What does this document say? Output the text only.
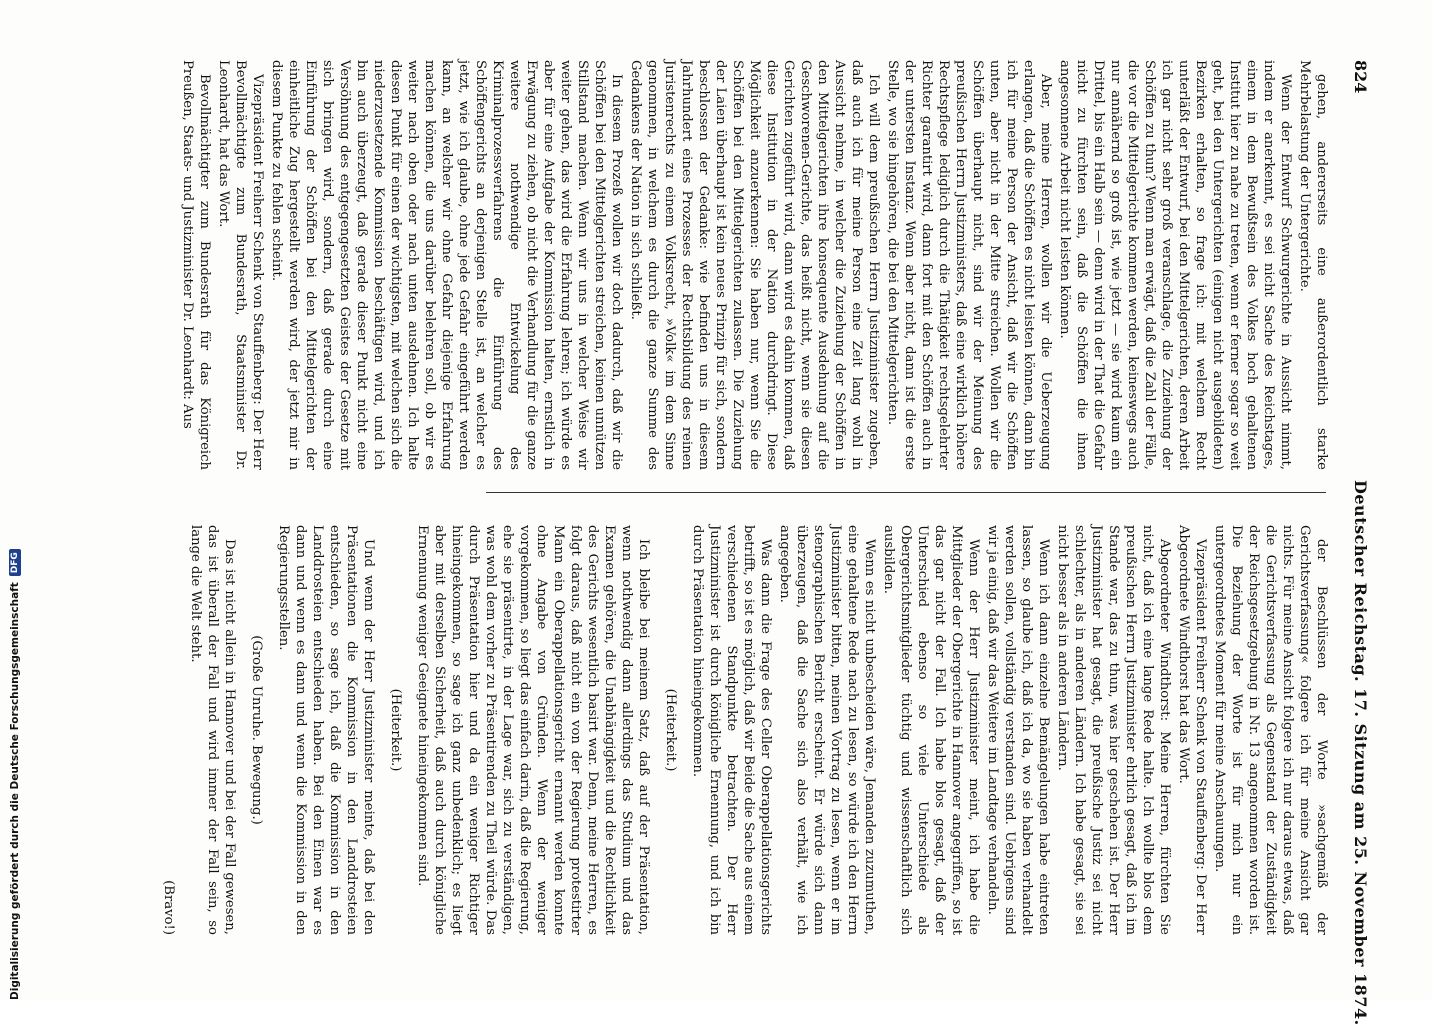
824
Deutscher Reichstag. 17. Sitzung am 25. November 1874.

gehen, andererseits eine außerordentlich starke Mehrbelastung der Untergerichte.

Wenn der Entwurf Schwurgerichte in Aussicht nimmt, indem er anerkennt, es sei nicht Sache des Reichstages, einem in dem Bewußtsein des Volkes hoch gehaltenen Institut hier zu nahe zu treten, wenn er ferner sogar so weit geht, bei den Untergerichten (einigen nicht ausgebildeten) Bezirken erhalten, so frage ich: mit welchem Recht unterläßt der Entwurf, bei den Mittelgerichten, deren Arbeit ich gar nicht sehr groß veranschlage, die Zuziehung der Schöffen zu thun? Wenn man erwägt, daß die Zahl der Fälle, die vor die Mittelgerichte kommen werden, keineswegs auch nur annähernd so groß ist, wie jetzt — sie wird kaum ein Drittel, bis ein Halb sein — denn wird in der That die Gefahr nicht zu fürchten sein, daß die Schöffen die ihnen angesonnene Arbeit nicht leisten können.

Aber, meine Herren, wollen wir die Ueberzeugung erlangen, daß die Schöffen es nicht leisten können, dann bin ich für meine Person der Ansicht, daß wir die Schöffen unten, aber nicht in der Mitte streichen. Wollen wir die Schöffen überhaupt nicht, sind wir der Meinung des preußischen Herrn Justizministers, daß eine wirklich höhere Rechtspflege lediglich durch die Thätigkeit rechtsgelehrter Richter garantirt wird, dann fort mit den Schöffen auch in der untersten Instanz. Wenn aber nicht, dann ist die erste Stelle, wo sie hingehören, die bei den Mittelgerichten.

Ich will dem preußischen Herrn Justizminister zugeben, daß auch ich für meine Person eine Zeit lang wohl in Aussicht nehme, in welcher die Zuziehung der Schöffen in den Mittelgerichten ihre konsequente Ausdehnung auf die Geschworenen-Gerichte, das heißt nicht, wenn sie diesen Gerichten zugeführt wird, dann wird es dahin kommen, daß diese Institution in der Nation durchdringt. Diese Möglichkeit anzuerkennen: Sie haben nur, wenn Sie die Schöffen bei den Mittelgerichten zulassen. Die Zuziehung der Laien überhaupt ist kein neues Prinzip für sich, sondern beschlossen der Gedanke: wie befinden uns in diesem Jahrhundert eines Prozesses der Rechtsbildung des reinen Juristenrechts zu einem Volksrecht, »Volk« im dem Sinne genommen, in welchem es durch die ganze Summe des Gedankens der Nation in sich schließt.

In diesem Prozeß wollen wir doch dadurch, daß wir die Schöffen bei den Mittelgerichten streichen, keinen unnützen Stillstand machen. Wenn wir uns in welcher Weise wir weiter gehen, das wird die Erfahrung lehren; ich würde es aber für eine Aufgabe der Kommission halten, ernstlich in Erwägung zu ziehen, ob nicht die Verhandlung für die ganze weitere nothwendige Entwickelung des Kriminalprozessverfahrens die Einführung des Schöffengerichts an derjenigen Stelle ist, an welcher es jetzt, wie ich glaube, ohne jede Gefahr eingeführt werden kann, an welcher wir ohne Gefahr diejenige Erfahrung machen können, die uns darüber belehren soll, ob wir es weiter nach oben oder nach unten ausdehnen. Ich halte diesen Punkt für einen der wichtigsten, mit welchen sich die niederzusetzende Kommission beschäftigen wird, und ich bin auch überzeugt, daß gerade dieser Punkt nicht eine Versöhnung des entgegengesetzten Geistes der Gesetze mit sich bringen wird, sondern, daß gerade durch eine Einführung der Schöffen bei den Mittelgerichten der einheitliche Zug hergestellt werden wird, der jetzt mir in diesem Punkte zu fehlen scheint.

Vizepräsident Freiherr Schenk von Stauffenberg: Der Herr Bevollmächtigte zum Bundesrath, Staatsminister Dr. Leonhardt, hat das Wort.

Bevollmächtigter zum Bundesrath für das Königreich Preußen, Staats- und Justizminister Dr. Leonhardt: Aus

der Beschlüssen der Worte »sachgemäß der Gerichtsverfassung« folgere ich für meine Ansicht gar nichts. Für meine Ansicht folgere ich nur daraus etwas, daß die Gerichtsverfassung als Gegenstand der Zuständigkeit der Reichsgesetzgebung in Nr. 13 angenommen worden ist. Die Beziehung der Worte ist für mich nur ein untergeordnetes Moment für meine Anschauungen.

Vizepräsident Freiherr Schenk von Stauffenberg: Der Herr Abgeordnete Windthorst hat das Wort.

Abgeordneter Windthorst: Meine Herren, fürchten Sie nicht, daß ich eine lange Rede halte. Ich wollte blos dem preußischen Herrn Justizminister ehrlich gesagt, daß ich im Stande war, das zu thun, was hier geschehen ist. Der Herr Justizminister hat gesagt, die preußische Justiz sei nicht schlechter, als in anderen Ländern. Ich habe gesagt, sie sei nicht besser als in anderen Ländern.

Wenn ich dann einzelne Bemängelungen habe eintreten lassen, so glaube ich, daß ich da, wo sie haben verhandelt werden sollen, vollständig verstanden sind. Uebrigens sind wir ja einig, daß wir das Weitere im Landtage verhandeln.

Wenn der Herr Justizminister meint, ich habe die Mittglieder der Obergerichte in Hannover angegriffen, so ist das gar nicht der Fall. Ich habe blos gesagt, daß der Unterschied ebenso so viele Unterschiede als Obergerichtsmitglieder tüchtig und wissenschaftlich sich ausbilden.

Wenn es nicht unbescheiden wäre, Jemanden zuzumuthen, eine gehaltene Rede nach zu lesen, so würde ich den Herrn Justizminister bitten, meinen Vortrag zu lesen, wenn er im stenographischen Bericht erscheint. Er würde sich dann überzeugen, daß die Sache sich also verhält, wie ich angegeben.

Was dann die Frage des Celler Oberappellationsgerichts betrifft, so ist es möglich, daß wir Beide die Sache aus einem verschiedenen Standpunkte betrachten. Der Herr Justizminister ist durch königliche Ernennung, und ich bin durch Präsentation hineingekommen.

(Heiterkeit.)

Ich bleibe bei meinem Satz, daß auf der Präsentation, wenn nothwendig dann allerdings das Studium und das Examen gehören, die Unabhängigkeit und die Rechtlichkeit des Gerichts wesentlich basirt war. Denn, meine Herren, es folgt daraus, daß nicht ein von der Regierung protestirter Mann ein Oberappellationsgericht ernannt werden konnte ohne Angabe von Gründen. Wenn der weniger vorgekommen, so liegt das einfach darin, daß die Regierung, ehe sie präsentirte, in der Lage war, sich zu verständigen, was wohl dem vorher zu Präsentirenden zu Theil würde. Das durch Präsentation hier und da ein weniger Richtiger hineingekommen, so sage ich ganz unbedenklich; es liegt aber mit derselben Sicherheit, daß auch durch königliche Ernennung weniger Geeignete hineingekommen sind.

(Heiterkeit.)

Und wenn der Herr Justizminister meinte, daß bei den Präsentationen die Kommission in den Landdrosteien entschieden, so sage ich, daß die Kommission in den Landdrosteien entschieden haben. Bei den Einen war es dann und wenn es dann und wenn die Kommission in den Regierungsstellen.

(Große Unruhe. Bewegung.)

Das ist nicht allein in Hannover und bei der Fall gewesen, das ist überall der Fall und wird immer der Fall sein, so lange die Welt steht.

(Bravo!)

Digitalisierung gefördert durch die Deutsche Forschungsgemeinschaft
DFG
